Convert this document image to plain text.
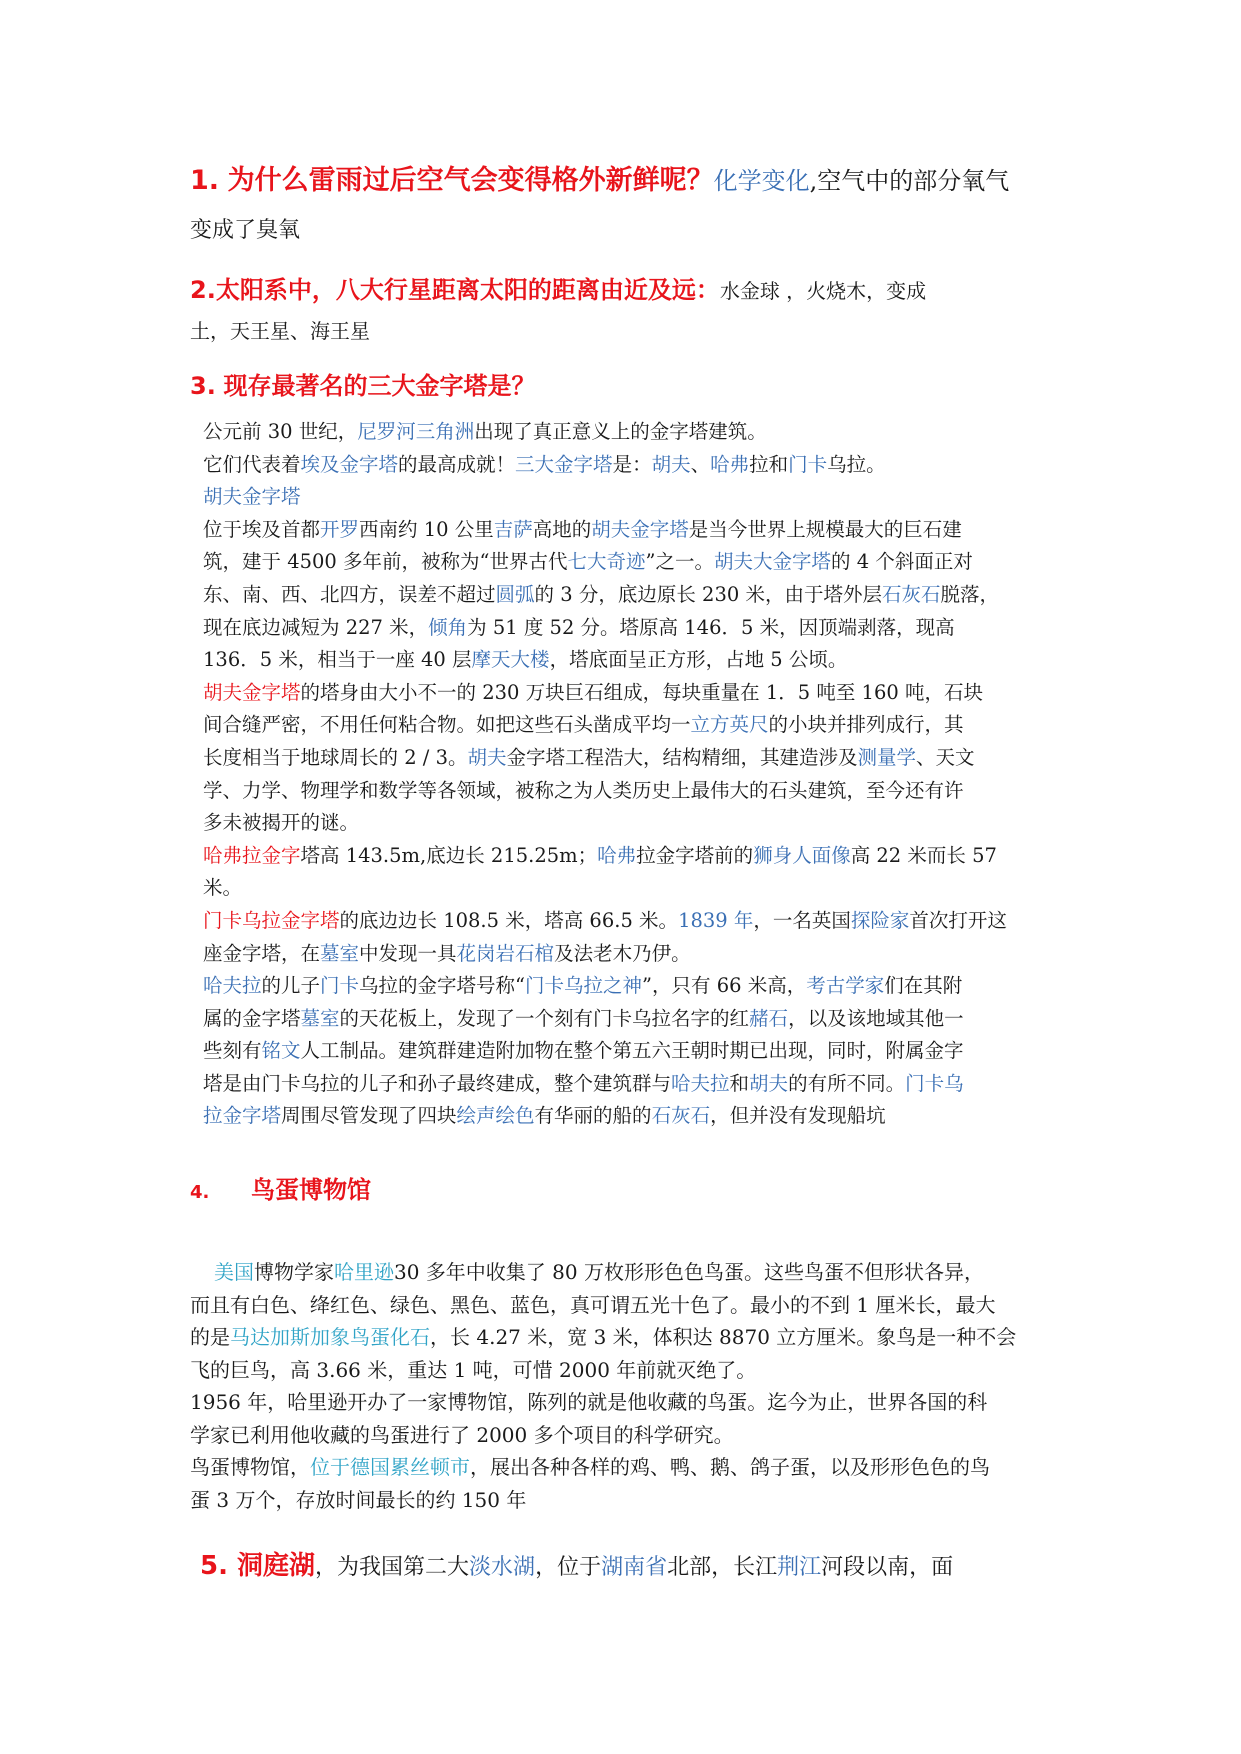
1. 为什么雷雨过后空气会变得格外新鲜呢？化学变化,空气中的部分氧气
变成了臭氧
2.太阳系中，八大行星距离太阳的距离由近及远：水金球 ，火烧木，变成
土，天王星、海王星
3. 现存最著名的三大金字塔是？

公元前 30 世纪，尼罗河三角洲出现了真正意义上的金字塔建筑。

它们代表着埃及金字塔的最高成就！三大金字塔是：胡夫、哈弗拉和门卡乌拉。

胡夫金字塔

位于埃及首都开罗西南约 10 公里吉萨高地的胡夫金字塔是当今世界上规模最大的巨石建

筑，建于 4500 多年前，被称为“世界古代七大奇迹”之一。胡夫大金字塔的 4 个斜面正对

东、南、西、北四方，误差不超过圆弧的 3 分，底边原长 230 米，由于塔外层石灰石脱落，

现在底边减短为 227 米，倾角为 51 度 52 分。塔原高 146．5 米，因顶端剥落，现高

136．5 米，相当于一座 40 层摩天大楼，塔底面呈正方形，占地 5 公顷。

胡夫金字塔的塔身由大小不一的 230 万块巨石组成，每块重量在 1．5 吨至 160 吨，石块

间合缝严密，不用任何粘合物。如把这些石头凿成平均一立方英尺的小块并排列成行，其

长度相当于地球周长的 2 / 3。胡夫金字塔工程浩大，结构精细，其建造涉及测量学、天文

学、力学、物理学和数学等各领域，被称之为人类历史上最伟大的石头建筑，至今还有许

多未被揭开的谜。

哈弗拉金字塔高 143.5m,底边长 215.25m；哈弗拉金字塔前的狮身人面像高 22 米而长 57

米。

门卡乌拉金字塔的底边边长 108.5 米，塔高 66.5 米。1839 年，一名英国探险家首次打开这

座金字塔，在墓室中发现一具花岗岩石棺及法老木乃伊。

哈夫拉的儿子门卡乌拉的金字塔号称“门卡乌拉之神”，只有 66 米高，考古学家们在其附

属的金字塔墓室的天花板上，发现了一个刻有门卡乌拉名字的红赭石，以及该地域其他一

些刻有铭文人工制品。建筑群建造附加物在整个第五六王朝时期已出现，同时，附属金字

塔是由门卡乌拉的儿子和孙子最终建成，整个建筑群与哈夫拉和胡夫的有所不同。门卡乌

拉金字塔周围尽管发现了四块绘声绘色有华丽的船的石灰石，但并没有发现船坑

4. 鸟蛋博物馆

美国博物学家哈里逊30 多年中收集了 80 万枚形形色色鸟蛋。这些鸟蛋不但形状各异，

而且有白色、绛红色、绿色、黑色、蓝色，真可谓五光十色了。最小的不到 1 厘米长，最大

的是马达加斯加象鸟蛋化石，长 4.27 米，宽 3 米，体积达 8870 立方厘米。象鸟是一种不会

飞的巨鸟，高 3.66 米，重达 1 吨，可惜 2000 年前就灭绝了。

1956 年，哈里逊开办了一家博物馆，陈列的就是他收藏的鸟蛋。迄今为止，世界各国的科

学家已利用他收藏的鸟蛋进行了 2000 多个项目的科学研究。

鸟蛋博物馆，位于德国累丝顿市，展出各种各样的鸡、鸭、鹅、鸽子蛋，以及形形色色的鸟

蛋 3 万个，存放时间最长的约 150 年

5. 洞庭湖，为我国第二大淡水湖，位于湖南省北部，长江荆江河段以南，面
